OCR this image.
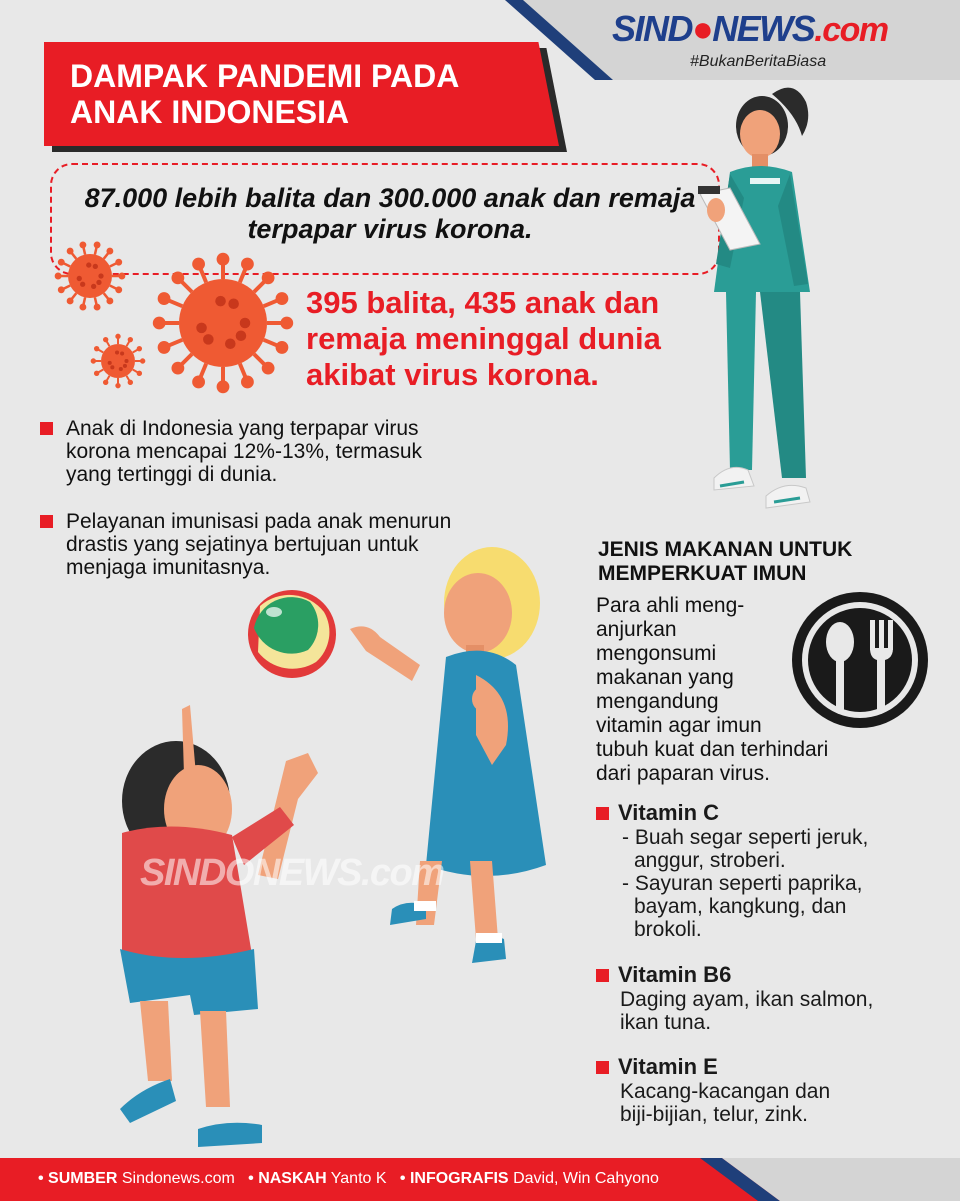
SIND●NEWS.com
#BukanBeritaBiasa
DAMPAK PANDEMI PADA
ANAK INDONESIA
87.000 lebih balita dan 300.000 anak dan remaja terpapar virus korona.
395 balita, 435 anak dan remaja meninggal dunia akibat virus korona.
Anak di Indonesia yang terpapar virus korona mencapai 12%-13%, termasuk yang tertinggi di dunia.
Pelayanan imunisasi pada anak menurun drastis yang sejatinya bertujuan untuk menjaga imunitasnya.
SINDONEWS.com
JENIS MAKANAN UNTUK MEMPERKUAT IMUN
Para ahli meng-
anjurkan
mengonsumi
makanan yang
mengandung
vitamin agar imun
tubuh kuat dan terhindari
dari paparan virus.
Vitamin C
- Buah segar seperti jeruk,
anggur, stroberi.
- Sayuran seperti paprika,
bayam, kangkung, dan
brokoli.
Vitamin B6
Daging ayam, ikan salmon,
ikan tuna.
Vitamin E
Kacang-kacangan dan
biji-bijian, telur, zink.
• SUMBER Sindonews.com • NASKAH Yanto K • INFOGRAFIS David, Win Cahyono
